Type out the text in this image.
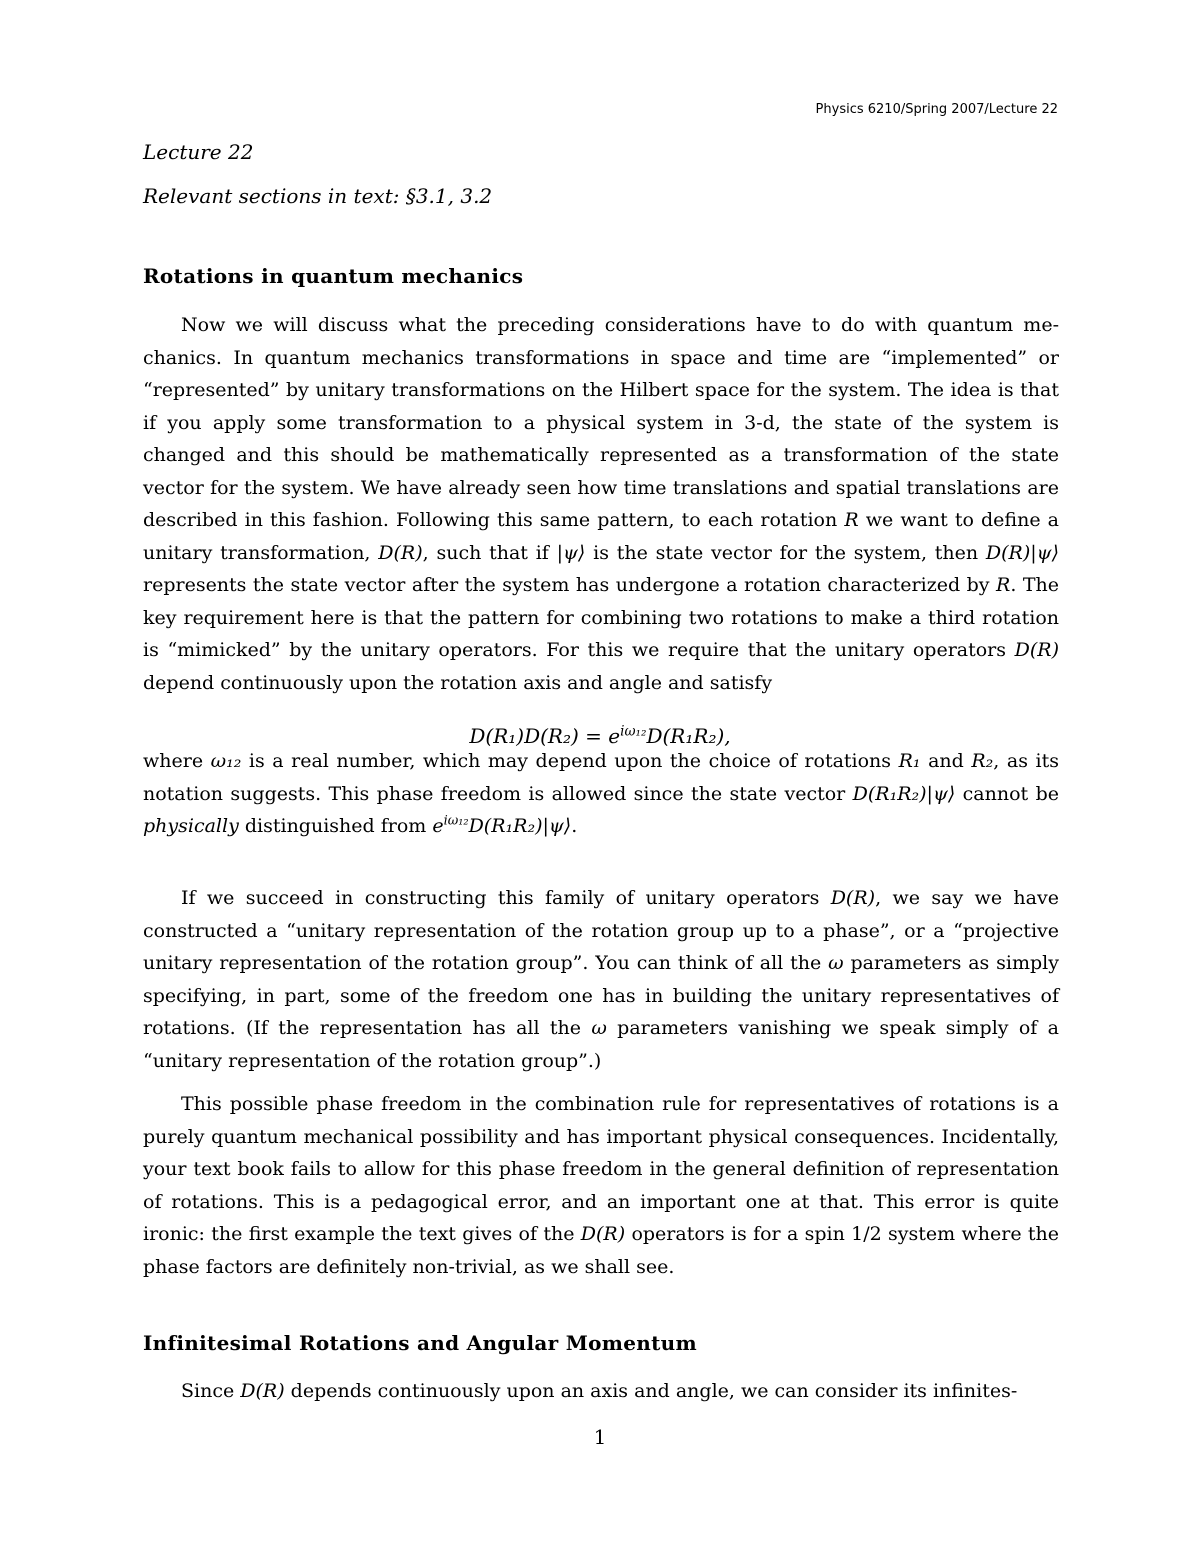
Physics 6210/Spring 2007/Lecture 22
Lecture 22
Relevant sections in text: §3.1, 3.2
Rotations in quantum mechanics

Now we will discuss what the preceding considerations have to do with quantum mechanics. In quantum mechanics transformations in space and time are “implemented” or “represented” by unitary transformations on the Hilbert space for the system. The idea is that if you apply some transformation to a physical system in 3-d, the state of the system is changed and this should be mathematically represented as a transformation of the state vector for the system. We have already seen how time translations and spatial translations are described in this fashion. Following this same pattern, to each rotation R we want to define a unitary transformation, D(R), such that if |ψ⟩ is the state vector for the system, then D(R)|ψ⟩ represents the state vector after the system has undergone a rotation characterized by R. The key requirement here is that the pattern for combining two rotations to make a third rotation is “mimicked” by the unitary operators. For this we require that the unitary operators D(R) depend continuously upon the rotation axis and angle and satisfy

$D(R_1)D(R_2) = e^{i\omega_{12}}D(R_1R_2)$,

where ω₁₂ is a real number, which may depend upon the choice of rotations R₁ and R₂, as its notation suggests. This phase freedom is allowed since the state vector D(R₁R₂)|ψ⟩ cannot be physically distinguished from $e^{i\omega_{12}}D(R_1R_2)|\psi⟩$.

If we succeed in constructing this family of unitary operators D(R), we say we have constructed a “unitary representation of the rotation group up to a phase”, or a “projective unitary representation of the rotation group”. You can think of all the ω parameters as simply specifying, in part, some of the freedom one has in building the unitary representatives of rotations. (If the representation has all the ω parameters vanishing we speak simply of a “unitary representation of the rotation group”.)

This possible phase freedom in the combination rule for representatives of rotations is a purely quantum mechanical possibility and has important physical consequences. Incidentally, your text book fails to allow for this phase freedom in the general definition of representation of rotations. This is a pedagogical error, and an important one at that. This error is quite ironic: the first example the text gives of the D(R) operators is for a spin 1/2 system where the phase factors are definitely non-trivial, as we shall see.

Infinitesimal Rotations and Angular Momentum

Since D(R) depends continuously upon an axis and angle, we can consider its infinites-

1
